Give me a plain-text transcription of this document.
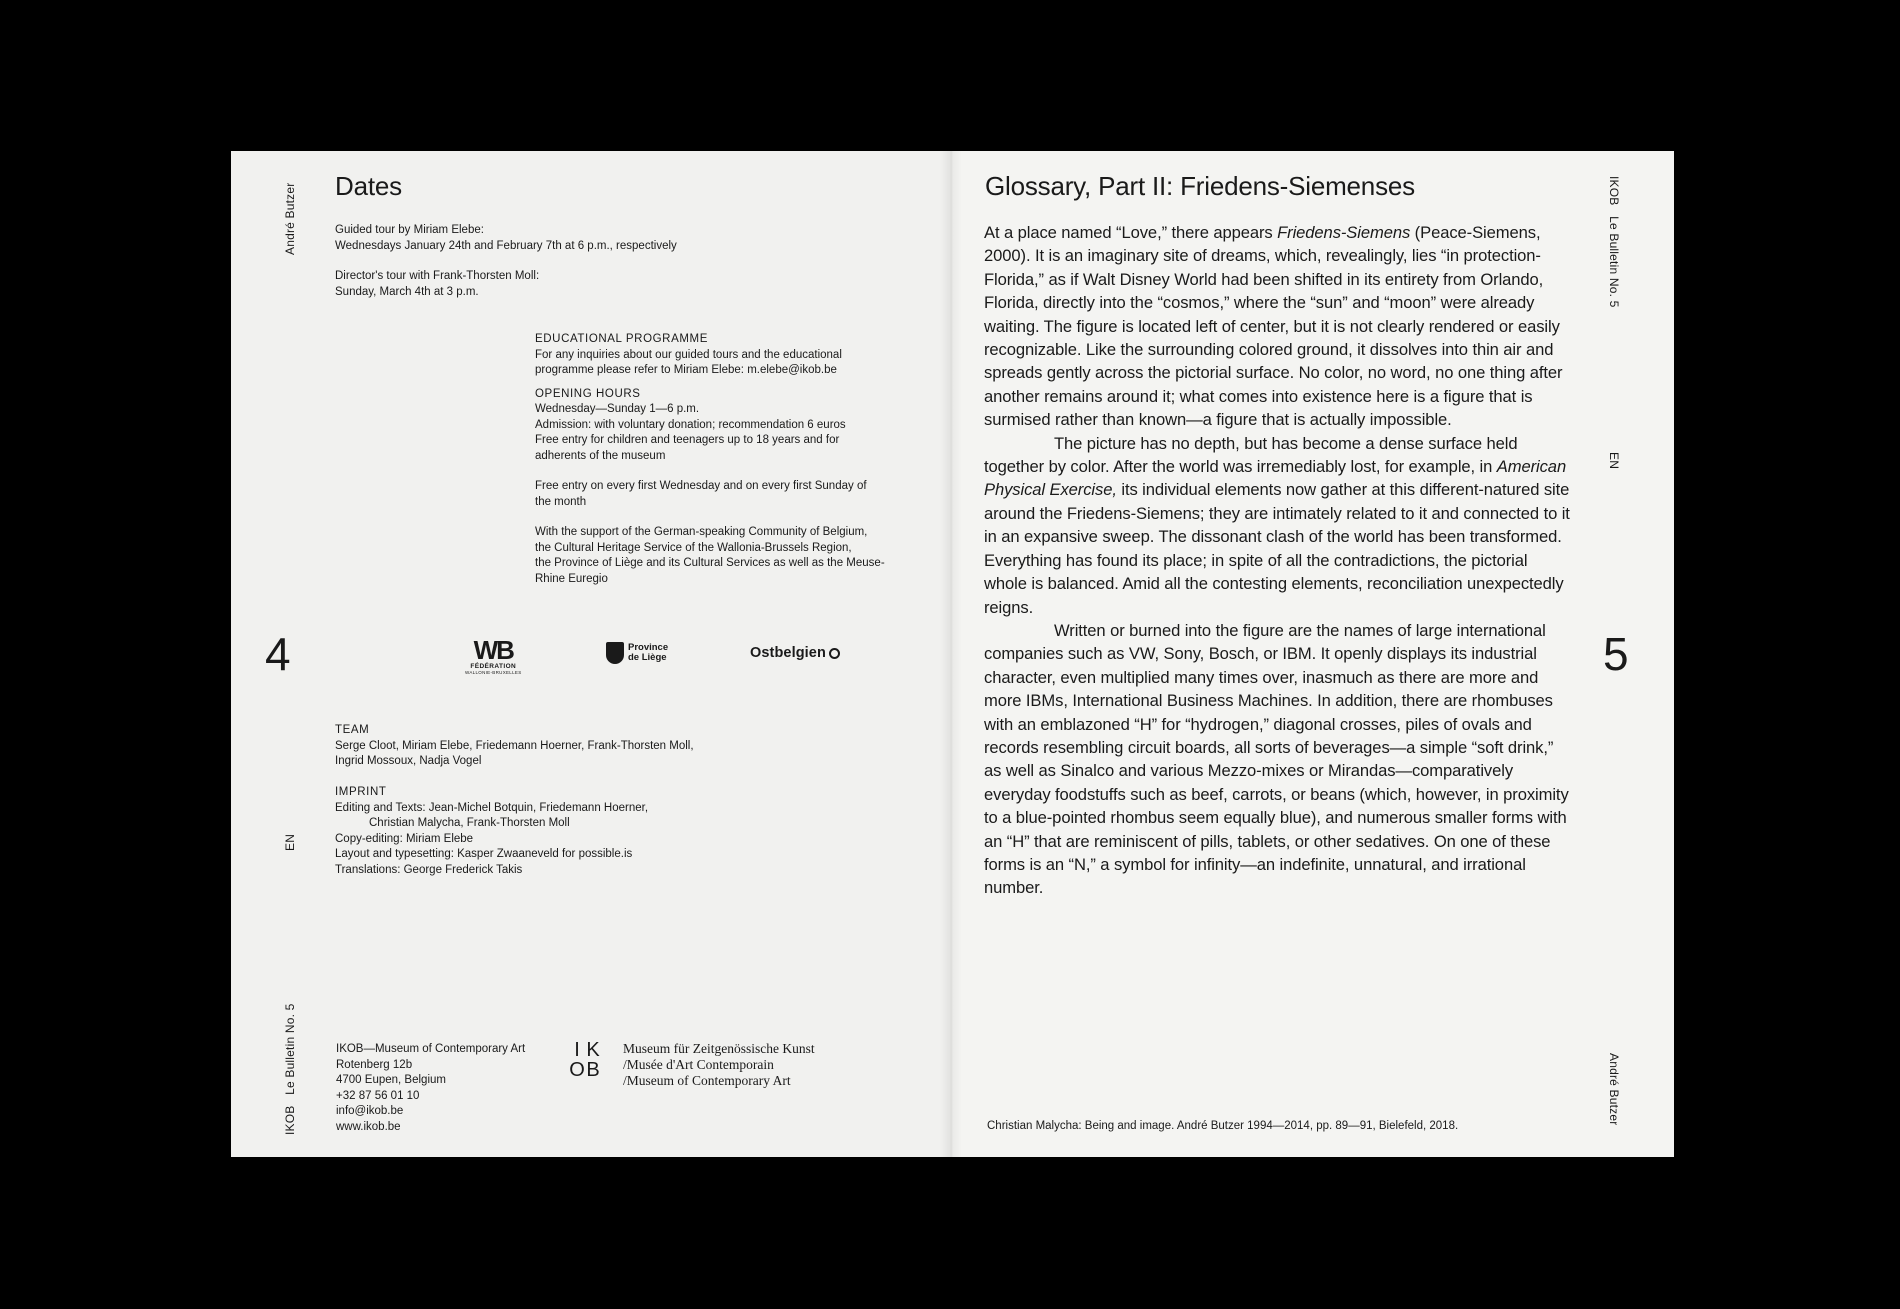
André Butzer
EN
IKOB   Le Bulletin No. 5
Dates
Guided tour by Miriam Elebe:
Wednesdays January 24th and February 7th at 6 p.m., respectively
Director's tour with Frank-Thorsten Moll:
Sunday, March 4th at 3 p.m.
EDUCATIONAL PROGRAMME
For any inquiries about our guided tours and the educational
programme please refer to Miriam Elebe: m.elebe@ikob.be
OPENING HOURS
Wednesday—Sunday 1—6 p.m.
Admission: with voluntary donation; recommendation 6 euros
Free entry for children and teenagers up to 18 years and for
adherents of the museum
Free entry on every first Wednesday and on every first Sunday of
the month
With the support of the German-speaking Community of Belgium,
the Cultural Heritage Service of the Wallonia-Brussels Region,
the Province of Liège and its Cultural Services as well as the Meuse-
Rhine Euregio
4	WB
FÉDÉRATION
WALLONIE-BRUXELLES
Province
de Liège	Ostbelgien
TEAM
Serge Cloot, Miriam Elebe, Friedemann Hoerner, Frank-Thorsten Moll,
Ingrid Mossoux, Nadja Vogel
IMPRINT
Editing and Texts: Jean-Michel Botquin, Friedemann Hoerner,
Christian Malycha, Frank-Thorsten Moll
Copy-editing: Miriam Elebe
Layout and typesetting: Kasper Zwaaneveld for possible.is
Translations: George Frederick Takis
IKOB—Museum of Contemporary Art
Rotenberg 12b
4700 Eupen, Belgium
+32 87 56 01 10
info@ikob.be
www.ikob.be
I K
O B
Museum für Zeitgenössische Kunst
/Musée d'Art Contemporain
/Museum of Contemporary Art
Glossary, Part II: Friedens-Siemenses

At a place named “Love,” there appears Friedens-Siemens (Peace-Siemens, 2000). It is an imaginary site of dreams, which, revealingly, lies “in protection-Florida,” as if Walt Disney World had been shifted in its entirety from Orlando, Florida, directly into the “cosmos,” where the “sun” and “moon” were already waiting. The figure is located left of center, but it is not clearly rendered or easily recognizable. Like the surrounding colored ground, it dissolves into thin air and spreads gently across the pictorial surface. No color, no word, no one thing after another remains around it; what comes into existence here is a figure that is surmised rather than known—a figure that is actually impossible.

The picture has no depth, but has become a dense surface held together by color. After the world was irremediably lost, for example, in American Physical Exercise, its individual elements now gather at this different-natured site around the Friedens-Siemens; they are intimately related to it and connected to it in an expansive sweep. The dissonant clash of the world has been transformed. Everything has found its place; in spite of all the contradictions, the pictorial whole is balanced. Amid all the contesting elements, reconciliation unexpectedly reigns.

Written or burned into the figure are the names of large international companies such as VW, Sony, Bosch, or IBM. It openly displays its industrial character, even multiplied many times over, inasmuch as there are more and more IBMs, International Business Machines. In addition, there are rhombuses with an emblazoned “H” for “hydrogen,” diagonal crosses, piles of ovals and records resembling circuit boards, all sorts of beverages—a simple “soft drink,” as well as Sinalco and various Mezzo-mixes or Mirandas—comparatively everyday foodstuffs such as beef, carrots, or beans (which, however, in proximity to a blue-pointed rhombus seem equally blue), and numerous smaller forms with an “H” that are reminiscent of pills, tablets, or other sedatives. On one of these forms is an “N,” a symbol for infinity—an indefinite, unnatural, and irrational number.

5
IKOB   Le Bulletin No. 5
EN
André Butzer
Christian Malycha: Being and image. André Butzer 1994—2014, pp. 89—91, Bielefeld, 2018.
